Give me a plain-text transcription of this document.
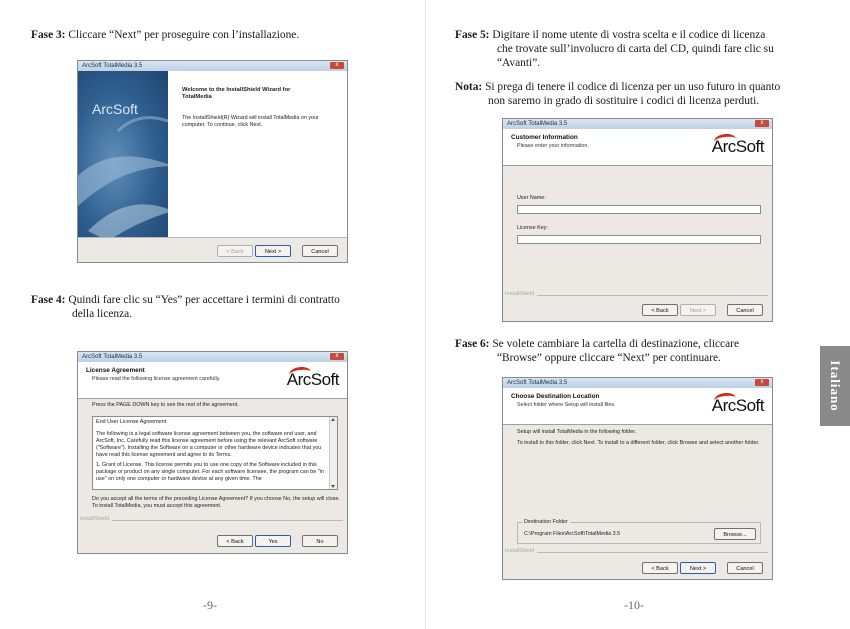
Fase 3: Cliccare “Next” per proseguire con l’installazione.
ArcSoft TotalMedia 3.5	x
ArcSoft
Welcome to the InstallShield Wizard for TotalMedia
The InstallShield(R) Wizard will install TotalMedia on your computer. To continue, click Next.
< Back	Next >	Cancel
Fase 4: Quindi fare clic su “Yes” per accettare i termini di contratto
della licenza.
ArcSoft TotalMedia 3.5	x
License Agreement
Please read the following license agreement carefully.	ArcSoft
Press the PAGE DOWN key to see the rest of the agreement.
End User License Agreement
The following is a legal software license agreement between you, the software end user, and ArcSoft, Inc. Carefully read this license agreement before using the relevant ArcSoft software ("Software"). Installing the Software on a computer or other hardware device indicates that you have read this license agreement and agree to its Terms.
1. Grant of License. This license permits you to use one copy of the Software included in this package or product on any single computer. For each software licensee, the program can be "in use" on only one computer or hardware device at any given time. The
Do you accept all the terms of the preceding License Agreement? If you choose No, the setup will close. To install TotalMedia, you must accept this agreement.
InstallShield
< Back	Yes	No
-9-
Fase 5: Digitare il nome utente di vostra scelta e il codice di licenza
che trovate sull’involucro di carta del CD, quindi fare clic su
“Avanti”.
Nota: Si prega di tenere il codice di licenza per un uso futuro in quanto
non saremo in grado di sostituire i codici di licenza perduti.
ArcSoft TotalMedia 3.5	x
Customer Information
Please enter your information.	ArcSoft
User Name:
License Key:
InstallShield
< Back	Next >	Cancel
Fase 6: Se volete cambiare la cartella di destinazione, cliccare
“Browse” oppure cliccare “Next” per continuare.
ArcSoft TotalMedia 3.5	x
Choose Destination Location
Select folder where Setup will install files.	ArcSoft
Setup will install TotalMedia in the following folder.
To install to this folder, click Next. To install to a different folder, click Browse and select another folder.
Destination Folder
C:\Program Files\ArcSoft\TotalMedia 3.5	Browse...
InstallShield
< Back	Next >	Cancel
-10-
Italiano
